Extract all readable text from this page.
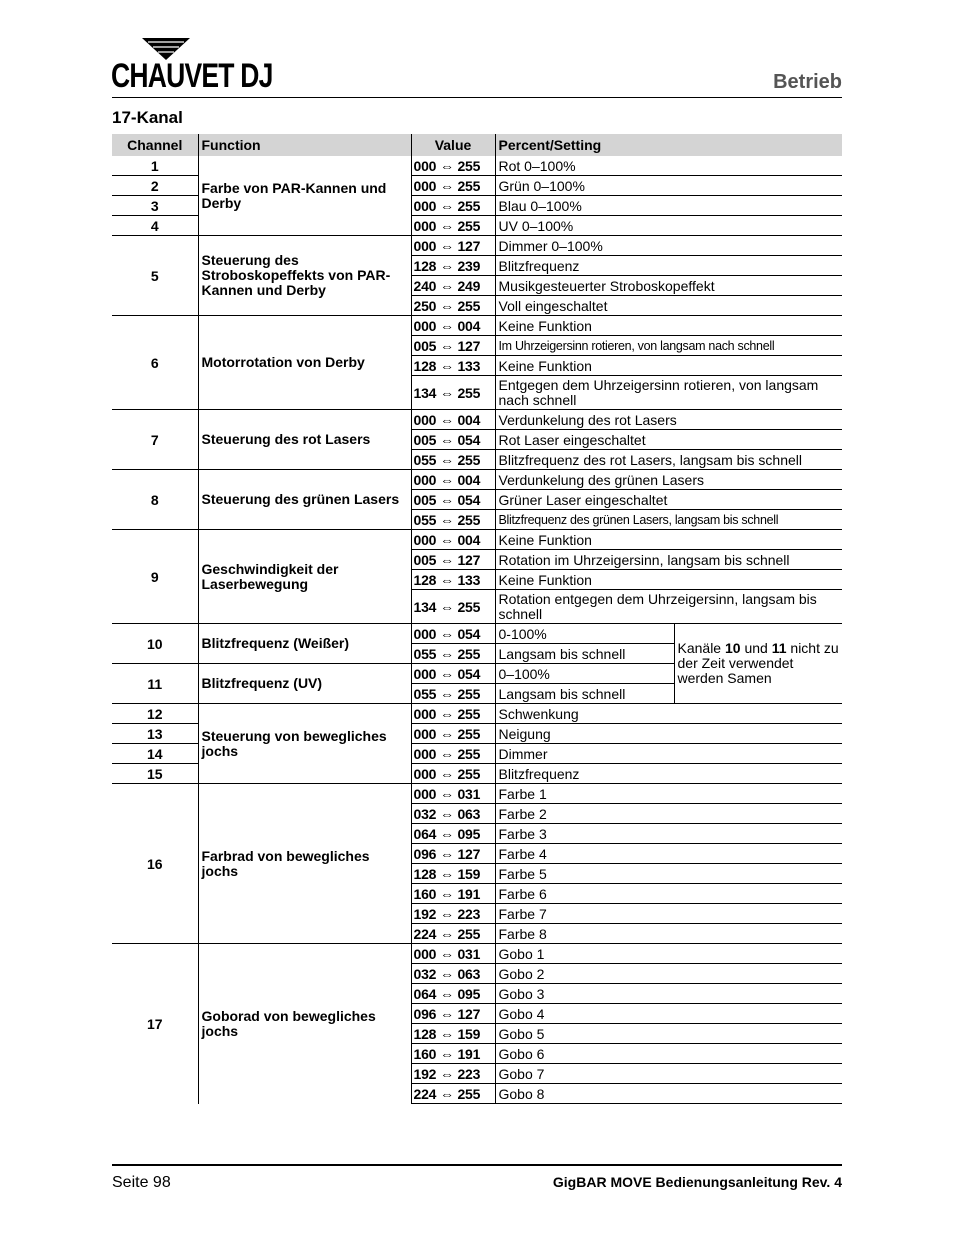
CHAUVET DJ	Betrieb
17-Kanal
Channel	Function	Value	Percent/Setting	
1	Farbe von PAR-Kannen und Derby	000 ⇔ 255	Rot 0–100%	
2		000 ⇔ 255	Grün 0–100%	
3		000 ⇔ 255	Blau 0–100%	
4		000 ⇔ 255	UV 0–100%	
5	Steuerung des Stroboskopeffekts von PAR-Kannen und Derby	000 ⇔ 127	Dimmer 0–100%	
		128 ⇔ 239	Blitzfrequenz	
		240 ⇔ 249	Musikgesteuerter Stroboskopeffekt	
		250 ⇔ 255	Voll eingeschaltet	
6	Motorrotation von Derby	000 ⇔ 004	Keine Funktion	
		005 ⇔ 127	Im Uhrzeigersinn rotieren, von langsam nach schnell	
		128 ⇔ 133	Keine Funktion	
		134 ⇔ 255	Entgegen dem Uhrzeigersinn rotieren, von langsam nach schnell	
7	Steuerung des rot Lasers	000 ⇔ 004	Verdunkelung des rot Lasers	
		005 ⇔ 054	Rot Laser eingeschaltet	
		055 ⇔ 255	Blitzfrequenz des rot Lasers, langsam bis schnell	
8	Steuerung des grünen Lasers	000 ⇔ 004	Verdunkelung des grünen Lasers	
		005 ⇔ 054	Grüner Laser eingeschaltet	
		055 ⇔ 255	Blitzfrequenz des grünen Lasers, langsam bis schnell	
9	Geschwindigkeit der Laserbewegung	000 ⇔ 004	Keine Funktion	
		005 ⇔ 127	Rotation im Uhrzeigersinn, langsam bis schnell	
		128 ⇔ 133	Keine Funktion	
		134 ⇔ 255	Rotation entgegen dem Uhrzeigersinn, langsam bis schnell	
10	Blitzfrequenz (Weißer)	000 ⇔ 054	0-100%	Kanäle 10 und 11 nicht zu der Zeit verwendet werden Samen
		055 ⇔ 255	Langsam bis schnell	
11	Blitzfrequenz (UV)	000 ⇔ 054	0–100%	
		055 ⇔ 255	Langsam bis schnell	
12	Steuerung von bewegliches jochs	000 ⇔ 255	Schwenkung	
13		000 ⇔ 255	Neigung	
14		000 ⇔ 255	Dimmer	
15		000 ⇔ 255	Blitzfrequenz	
16	Farbrad von bewegliches jochs	000 ⇔ 031	Farbe 1	
		032 ⇔ 063	Farbe 2	
		064 ⇔ 095	Farbe 3	
		096 ⇔ 127	Farbe 4	
		128 ⇔ 159	Farbe 5	
		160 ⇔ 191	Farbe 6	
		192 ⇔ 223	Farbe 7	
		224 ⇔ 255	Farbe 8	
17	Goborad von bewegliches jochs	000 ⇔ 031	Gobo 1	
		032 ⇔ 063	Gobo 2	
		064 ⇔ 095	Gobo 3	
		096 ⇔ 127	Gobo 4	
		128 ⇔ 159	Gobo 5	
		160 ⇔ 191	Gobo 6	
		192 ⇔ 223	Gobo 7	
		224 ⇔ 255	Gobo 8	
Seite 98	GigBAR MOVE Bedienungsanleitung Rev. 4
